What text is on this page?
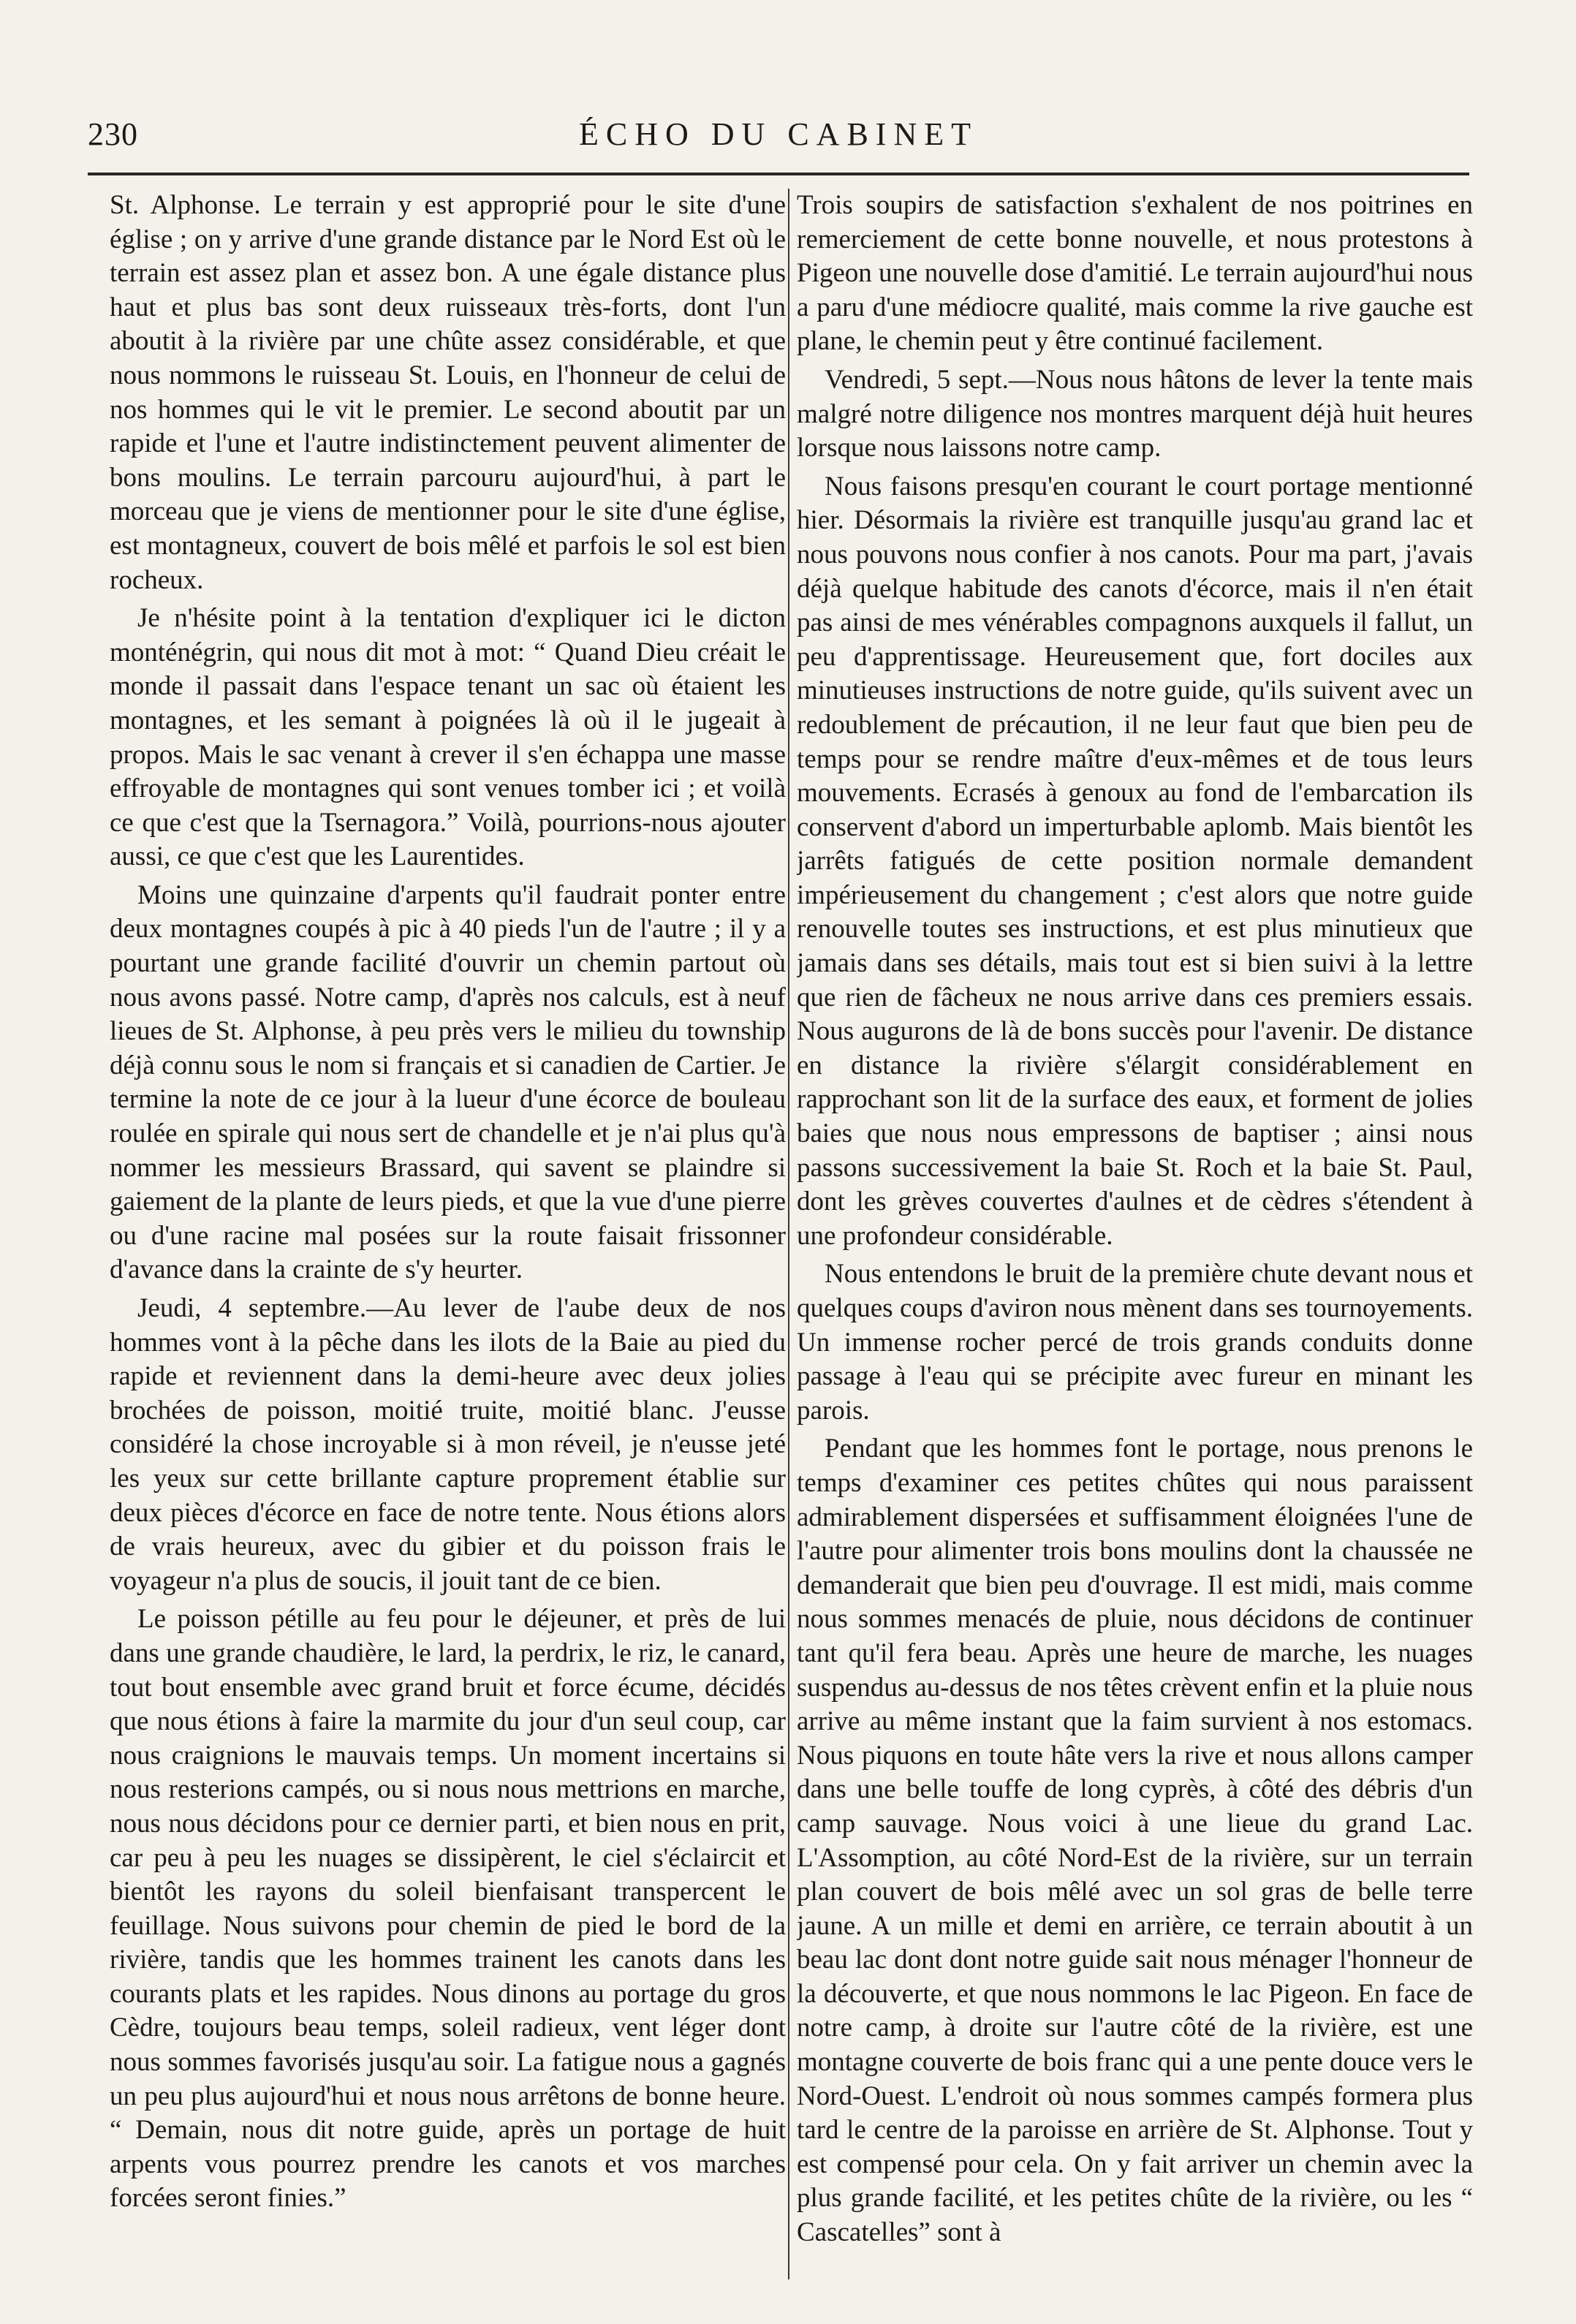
230	ÉCHO DU CABINET

St. Alphonse. Le terrain y est approprié pour le site d'une église ; on y arrive d'une grande distance par le Nord Est où le terrain est assez plan et assez bon. A une égale distance plus haut et plus bas sont deux ruisseaux très-forts, dont l'un aboutit à la rivière par une chûte assez considérable, et que nous nommons le ruisseau St. Louis, en l'honneur de celui de nos hommes qui le vit le premier. Le second aboutit par un rapide et l'une et l'autre indistinctement peuvent alimenter de bons moulins. Le terrain parcouru aujourd'hui, à part le morceau que je viens de mentionner pour le site d'une église, est montagneux, couvert de bois mêlé et parfois le sol est bien rocheux.

Je n'hésite point à la tentation d'expliquer ici le dicton monténégrin, qui nous dit mot à mot: “ Quand Dieu créait le monde il passait dans l'espace tenant un sac où étaient les montagnes, et les semant à poignées là où il le jugeait à propos. Mais le sac venant à crever il s'en échappa une masse effroyable de montagnes qui sont venues tomber ici ; et voilà ce que c'est que la Tsernagora.” Voilà, pourrions-nous ajouter aussi, ce que c'est que les Laurentides.

Moins une quinzaine d'arpents qu'il faudrait ponter entre deux montagnes coupés à pic à 40 pieds l'un de l'autre ; il y a pourtant une grande facilité d'ouvrir un chemin partout où nous avons passé. Notre camp, d'après nos calculs, est à neuf lieues de St. Alphonse, à peu près vers le milieu du township déjà connu sous le nom si français et si canadien de Cartier. Je termine la note de ce jour à la lueur d'une écorce de bouleau roulée en spirale qui nous sert de chandelle et je n'ai plus qu'à nommer les messieurs Brassard, qui savent se plaindre si gaiement de la plante de leurs pieds, et que la vue d'une pierre ou d'une racine mal posées sur la route faisait frissonner d'avance dans la crainte de s'y heurter.

Jeudi, 4 septembre.—Au lever de l'aube deux de nos hommes vont à la pêche dans les ilots de la Baie au pied du rapide et reviennent dans la demi-heure avec deux jolies brochées de poisson, moitié truite, moitié blanc. J'eusse considéré la chose incroyable si à mon réveil, je n'eusse jeté les yeux sur cette brillante capture proprement établie sur deux pièces d'écorce en face de notre tente. Nous étions alors de vrais heureux, avec du gibier et du poisson frais le voyageur n'a plus de soucis, il jouit tant de ce bien.

Le poisson pétille au feu pour le déjeuner, et près de lui dans une grande chaudière, le lard, la perdrix, le riz, le canard, tout bout ensemble avec grand bruit et force écume, décidés que nous étions à faire la marmite du jour d'un seul coup, car nous craignions le mauvais temps. Un moment incertains si nous resterions campés, ou si nous nous mettrions en marche, nous nous décidons pour ce dernier parti, et bien nous en prit, car peu à peu les nuages se dissipèrent, le ciel s'éclaircit et bientôt les rayons du soleil bienfaisant transpercent le feuillage. Nous suivons pour chemin de pied le bord de la rivière, tandis que les hommes trainent les canots dans les courants plats et les rapides. Nous dinons au portage du gros Cèdre, toujours beau temps, soleil radieux, vent léger dont nous sommes favorisés jusqu'au soir. La fatigue nous a gagnés un peu plus aujourd'hui et nous nous arrêtons de bonne heure. “ Demain, nous dit notre guide, après un portage de huit arpents vous pourrez prendre les canots et vos marches forcées seront finies.”

Trois soupirs de satisfaction s'exhalent de nos poitrines en remerciement de cette bonne nouvelle, et nous protestons à Pigeon une nouvelle dose d'amitié. Le terrain aujourd'hui nous a paru d'une médiocre qualité, mais comme la rive gauche est plane, le chemin peut y être continué facilement.

Vendredi, 5 sept.—Nous nous hâtons de lever la tente mais malgré notre diligence nos montres marquent déjà huit heures lorsque nous laissons notre camp.

Nous faisons presqu'en courant le court portage mentionné hier. Désormais la rivière est tranquille jusqu'au grand lac et nous pouvons nous confier à nos canots. Pour ma part, j'avais déjà quelque habitude des canots d'écorce, mais il n'en était pas ainsi de mes vénérables compagnons auxquels il fallut, un peu d'apprentissage. Heureusement que, fort dociles aux minutieuses instructions de notre guide, qu'ils suivent avec un redoublement de précaution, il ne leur faut que bien peu de temps pour se rendre maître d'eux-mêmes et de tous leurs mouvements. Ecrasés à genoux au fond de l'embarcation ils conservent d'abord un imperturbable aplomb. Mais bientôt les jarrêts fatigués de cette position normale demandent impérieusement du changement ; c'est alors que notre guide renouvelle toutes ses instructions, et est plus minutieux que jamais dans ses détails, mais tout est si bien suivi à la lettre que rien de fâcheux ne nous arrive dans ces premiers essais. Nous augurons de là de bons succès pour l'avenir. De distance en distance la rivière s'élargit considérablement en rapprochant son lit de la surface des eaux, et forment de jolies baies que nous nous empressons de baptiser ; ainsi nous passons successivement la baie St. Roch et la baie St. Paul, dont les grèves couvertes d'aulnes et de cèdres s'étendent à une profondeur considérable.

Nous entendons le bruit de la première chute devant nous et quelques coups d'aviron nous mènent dans ses tournoyements. Un immense rocher percé de trois grands conduits donne passage à l'eau qui se précipite avec fureur en minant les parois.

Pendant que les hommes font le portage, nous prenons le temps d'examiner ces petites chûtes qui nous paraissent admirablement dispersées et suffisamment éloignées l'une de l'autre pour alimenter trois bons moulins dont la chaussée ne demanderait que bien peu d'ouvrage. Il est midi, mais comme nous sommes menacés de pluie, nous décidons de continuer tant qu'il fera beau. Après une heure de marche, les nuages suspendus au-dessus de nos têtes crèvent enfin et la pluie nous arrive au même instant que la faim survient à nos estomacs. Nous piquons en toute hâte vers la rive et nous allons camper dans une belle touffe de long cyprès, à côté des débris d'un camp sauvage. Nous voici à une lieue du grand Lac. L'Assomption, au côté Nord-Est de la rivière, sur un terrain plan couvert de bois mêlé avec un sol gras de belle terre jaune. A un mille et demi en arrière, ce terrain aboutit à un beau lac dont dont notre guide sait nous ménager l'honneur de la découverte, et que nous nommons le lac Pigeon. En face de notre camp, à droite sur l'autre côté de la rivière, est une montagne couverte de bois franc qui a une pente douce vers le Nord-Ouest. L'endroit où nous sommes campés formera plus tard le centre de la paroisse en arrière de St. Alphonse. Tout y est compensé pour cela. On y fait arriver un chemin avec la plus grande facilité, et les petites chûte de la rivière, ou les “ Cascatelles” sont à
